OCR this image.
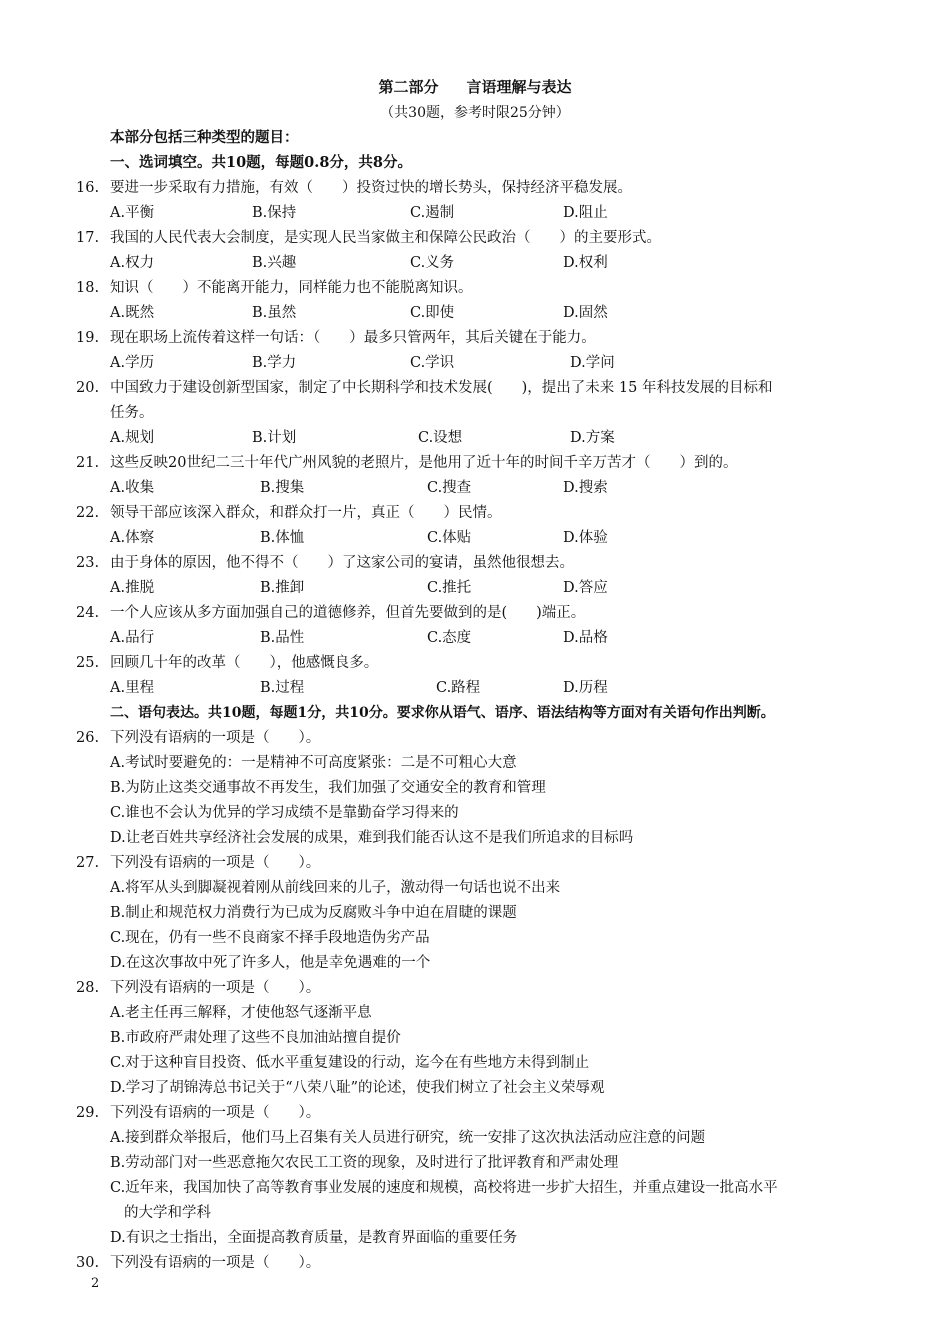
第二部分 言语理解与表达
（共30题，参考时限25分钟）
本部分包括三种类型的题目：
一、选词填空。共10题，每题0.8分，共8分。
16. 要进一步采取有力措施，有效（　　）投资过快的增长势头，保持经济平稳发展。
A.平衡	B.保持	C.遏制	D.阻止
17. 我国的人民代表大会制度，是实现人民当家做主和保障公民政治（　　）的主要形式。
A.权力	B.兴趣	C.义务	D.权利
18. 知识（　　）不能离开能力，同样能力也不能脱离知识。
A.既然	B.虽然	C.即使	D.固然
19. 现在职场上流传着这样一句话：（　　）最多只管两年，其后关键在于能力。
A.学历	B.学力	C.学识	D.学问
20. 中国致力于建设创新型国家，制定了中长期科学和技术发展(　　)，提出了未来 15 年科技发展的目标和
任务。
A.规划	B.计划	C.设想	D.方案
21. 这些反映20世纪二三十年代广州风貌的老照片，是他用了近十年的时间千辛万苦才（　　）到的。
A.收集	B.搜集	C.搜查	D.搜索
22. 领导干部应该深入群众，和群众打一片，真正（　　）民情。
A.体察	B.体恤	C.体贴	D.体验
23. 由于身体的原因，他不得不（　　）了这家公司的宴请，虽然他很想去。
A.推脱	B.推卸	C.推托	D.答应
24. 一个人应该从多方面加强自己的道德修养，但首先要做到的是(　　)端正。
A.品行	B.品性	C.态度	D.品格
25. 回顾几十年的改革（　　），他感慨良多。
A.里程	B.过程	C.路程	D.历程
二、语句表达。共10题，每题1分，共10分。要求你从语气、语序、语法结构等方面对有关语句作出判断。
26. 下列没有语病的一项是（　　）。
A.考试时要避免的：一是精神不可高度紧张：二是不可粗心大意
B.为防止这类交通事故不再发生，我们加强了交通安全的教育和管理
C.谁也不会认为优异的学习成绩不是靠勤奋学习得来的
D.让老百姓共享经济社会发展的成果，难到我们能否认这不是我们所追求的目标吗
27. 下列没有语病的一项是（　　）。
A.将军从头到脚凝视着刚从前线回来的儿子，激动得一句话也说不出来
B.制止和规范权力消费行为已成为反腐败斗争中迫在眉睫的课题
C.现在，仍有一些不良商家不择手段地造伪劣产品
D.在这次事故中死了许多人，他是幸免遇难的一个
28. 下列没有语病的一项是（　　）。
A.老主任再三解释，才使他怒气逐渐平息
B.市政府严肃处理了这些不良加油站擅自提价
C.对于这种盲目投资、低水平重复建设的行动，迄今在有些地方未得到制止
D.学习了胡锦涛总书记关于“八荣八耻”的论述，使我们树立了社会主义荣辱观
29. 下列没有语病的一项是（　　）。
A.接到群众举报后，他们马上召集有关人员进行研究，统一安排了这次执法活动应注意的问题
B.劳动部门对一些恶意拖欠农民工工资的现象，及时进行了批评教育和严肃处理
C.近年来，我国加快了高等教育事业发展的速度和规模，高校将进一步扩大招生，并重点建设一批高水平
的大学和学科
D.有识之士指出，全面提高教育质量，是教育界面临的重要任务
30. 下列没有语病的一项是（　　）。
2
